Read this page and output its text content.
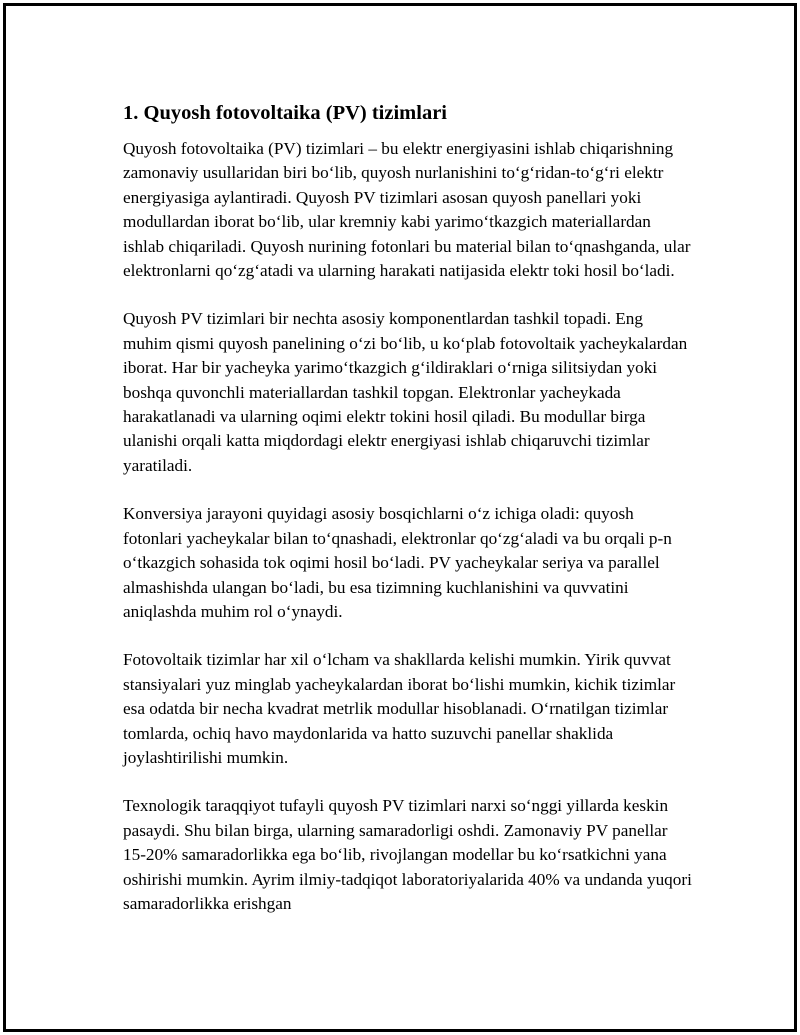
1. Quyosh fotovoltaika (PV) tizimlari

Quyosh fotovoltaika (PV) tizimlari – bu elektr energiyasini ishlab chiqarishning zamonaviy usullaridan biri bo‘lib, quyosh nurlanishini to‘g‘ridan-to‘g‘ri elektr energiyasiga aylantiradi. Quyosh PV tizimlari asosan quyosh panellari yoki modullardan iborat bo‘lib, ular kremniy kabi yarimo‘tkazgich materiallardan ishlab chiqariladi. Quyosh nurining fotonlari bu material bilan to‘qnashganda, ular elektronlarni qo‘zg‘atadi va ularning harakati natijasida elektr toki hosil bo‘ladi.

Quyosh PV tizimlari bir nechta asosiy komponentlardan tashkil topadi. Eng muhim qismi quyosh panelining o‘zi bo‘lib, u ko‘plab fotovoltaik yacheykalardan iborat. Har bir yacheyka yarimo‘tkazgich g‘ildiraklari o‘rniga silitsiydan yoki boshqa quvonchli materiallardan tashkil topgan. Elektronlar yacheykada harakatlanadi va ularning oqimi elektr tokini hosil qiladi. Bu modullar birga ulanishi orqali katta miqdordagi elektr energiyasi ishlab chiqaruvchi tizimlar yaratiladi.

Konversiya jarayoni quyidagi asosiy bosqichlarni o‘z ichiga oladi: quyosh fotonlari yacheykalar bilan to‘qnashadi, elektronlar qo‘zg‘aladi va bu orqali p-n o‘tkazgich sohasida tok oqimi hosil bo‘ladi. PV yacheykalar seriya va parallel almashishda ulangan bo‘ladi, bu esa tizimning kuchlanishini va quvvatini aniqlashda muhim rol o‘ynaydi.

Fotovoltaik tizimlar har xil o‘lcham va shakllarda kelishi mumkin. Yirik quvvat stansiyalari yuz minglab yacheykalardan iborat bo‘lishi mumkin, kichik tizimlar esa odatda bir necha kvadrat metrlik modullar hisoblanadi. O‘rnatilgan tizimlar tomlarda, ochiq havo maydonlarida va hatto suzuvchi panellar shaklida joylashtirilishi mumkin.

Texnologik taraqqiyot tufayli quyosh PV tizimlari narxi so‘nggi yillarda keskin pasaydi. Shu bilan birga, ularning samaradorligi oshdi. Zamonaviy PV panellar 15-20% samaradorlikka ega bo‘lib, rivojlangan modellar bu ko‘rsatkichni yana oshirishi mumkin. Ayrim ilmiy-tadqiqot laboratoriyalarida 40% va undanda yuqori samaradorlikka erishgan
